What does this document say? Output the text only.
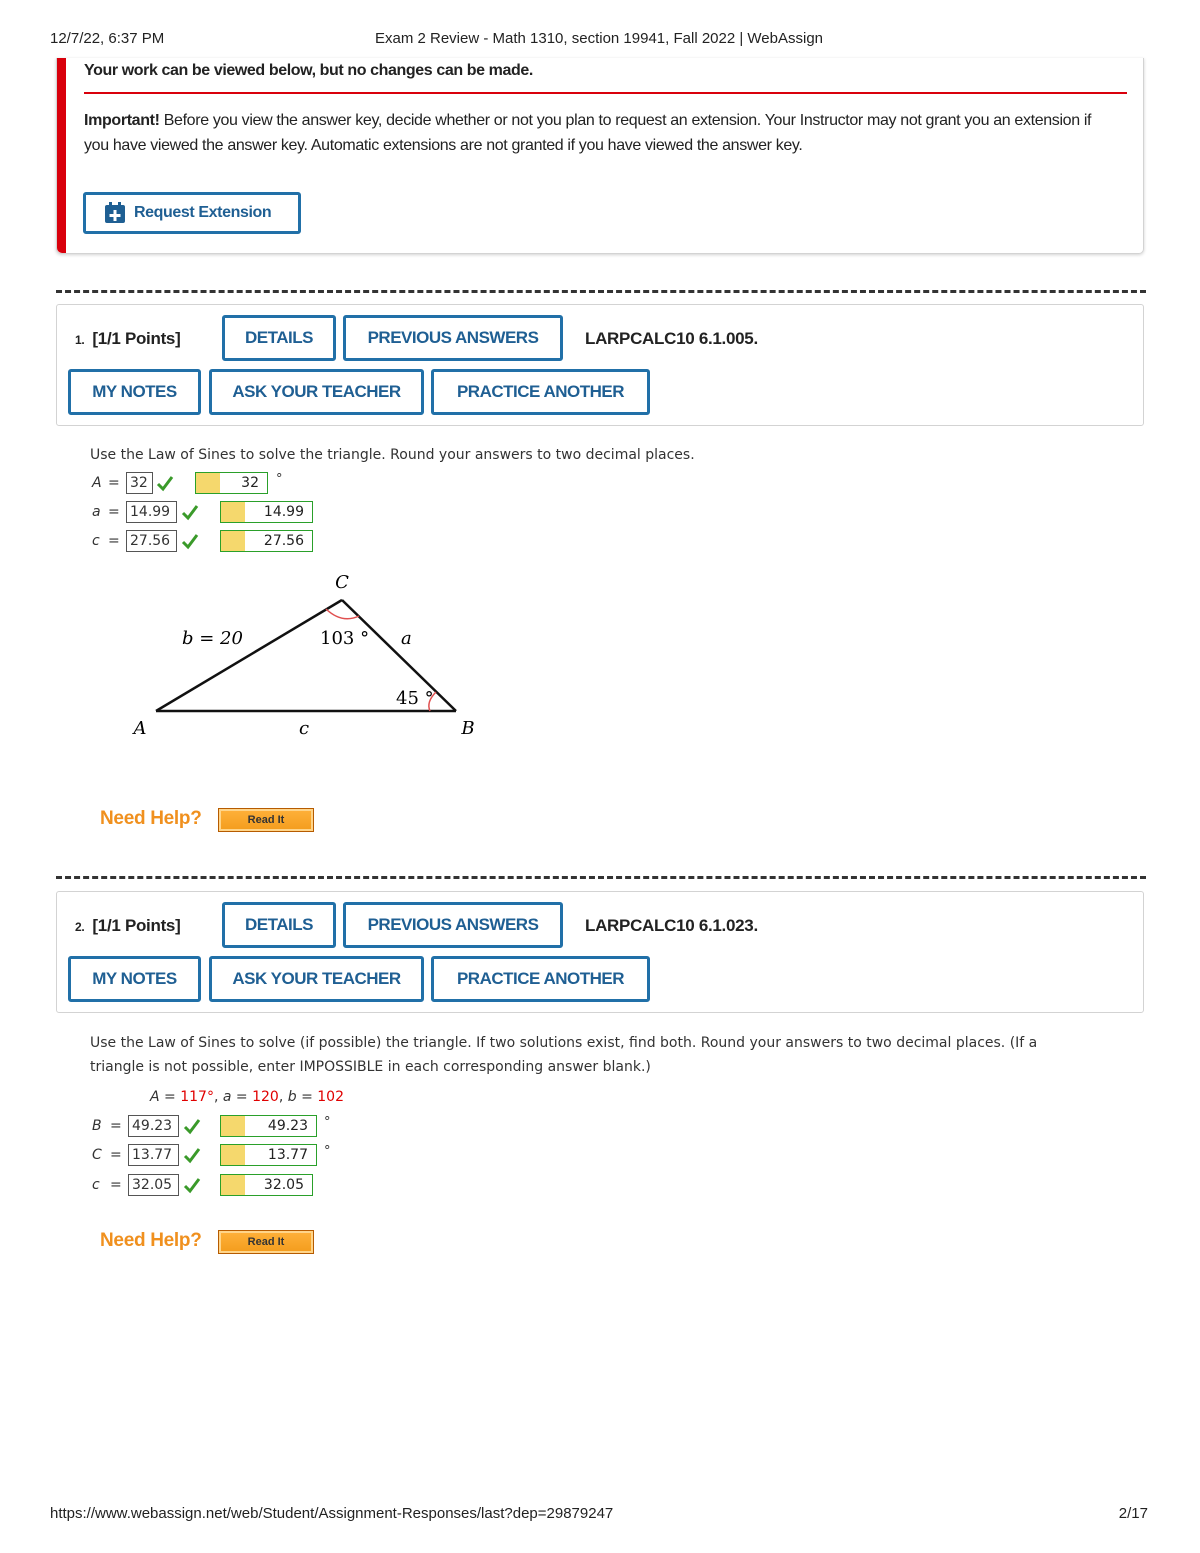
12/7/22, 6:37 PM	Exam 2 Review - Math 1310, section 19941, Fall 2022 | WebAssign
Your work can be viewed below, but no changes can be made.
Important! Before you view the answer key, decide whether or not you plan to request an extension. Your Instructor may not grant you an extension if you have viewed the answer key. Automatic extensions are not granted if you have viewed the answer key.
Request Extension
1. [1/1 Points]	DETAILS	PREVIOUS ANSWERS	LARPCALC10 6.1.005.
MY NOTES	ASK YOUR TEACHER	PRACTICE ANOTHER
Use the Law of Sines to solve the triangle. Round your answers to two decimal places.
A = 32	32	°
a = 14.99	14.99
c = 27.56	27.56
C
A	B
b = 20	a
c
103 °
45 °
Need Help?	Read It
2. [1/1 Points]	DETAILS	PREVIOUS ANSWERS	LARPCALC10 6.1.023.
MY NOTES	ASK YOUR TEACHER	PRACTICE ANOTHER
Use the Law of Sines to solve (if possible) the triangle. If two solutions exist, find both. Round your answers to two decimal places. (If a
triangle is not possible, enter IMPOSSIBLE in each corresponding answer blank.)
A = 117°, a = 120, b = 102
B = 49.23	49.23	°
C = 13.77	13.77	°
c = 32.05	32.05
Need Help?	Read It
https://www.webassign.net/web/Student/Assignment-Responses/last?dep=29879247	2/17
